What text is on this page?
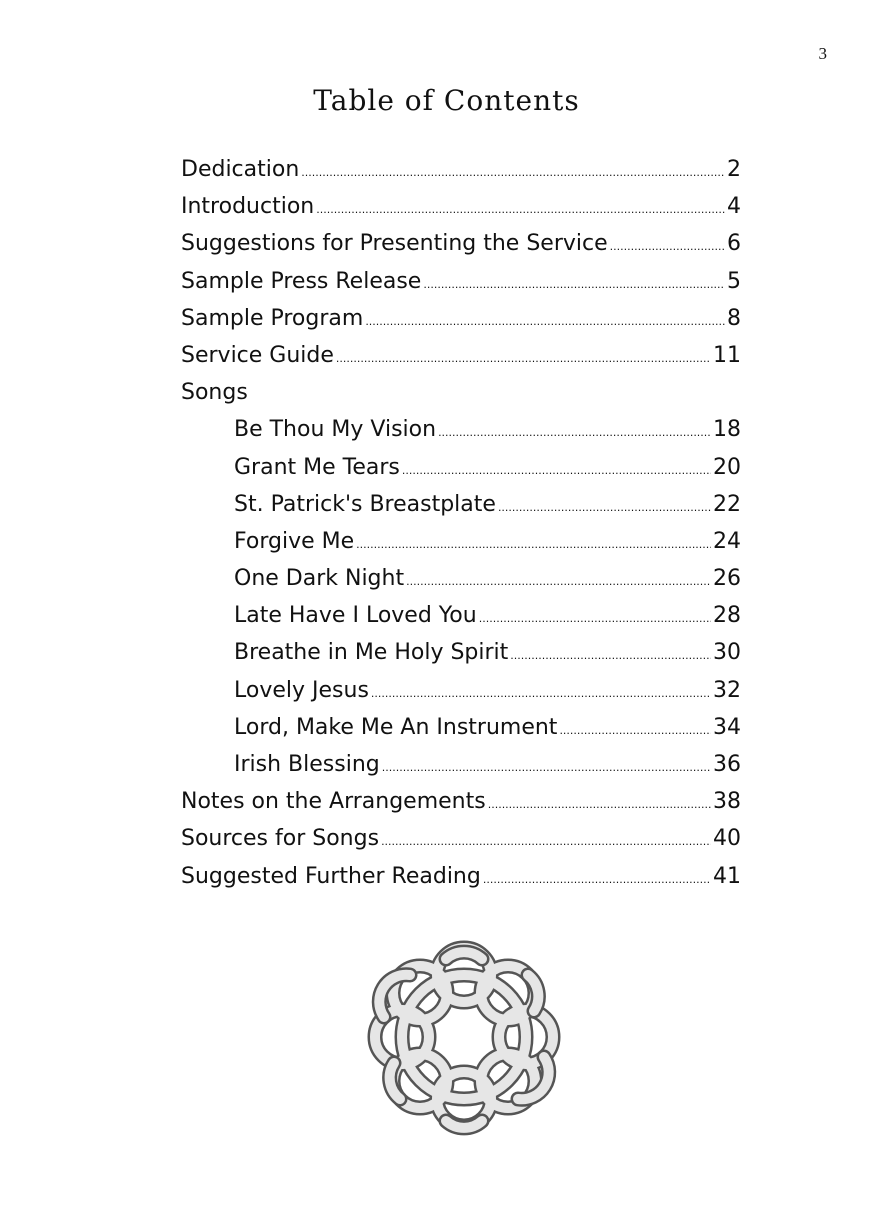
3
Table of Contents
Dedication .....	2
Introduction .....	4
Suggestions for Presenting the Service .....	6
Sample Press Release .....	5
Sample Program .....	8
Service Guide .....	11
Songs
Be Thou My Vision .....	18
Grant Me Tears .....	20
St. Patrick's Breastplate .....	22
Forgive Me .....	24
One Dark Night .....	26
Late Have I Loved You .....	28
Breathe in Me Holy Spirit .....	30
Lovely Jesus .....	32
Lord, Make Me An Instrument .....	34
Irish Blessing .....	36
Notes on the Arrangements .....	38
Sources for Songs .....	40
Suggested Further Reading .....	41
